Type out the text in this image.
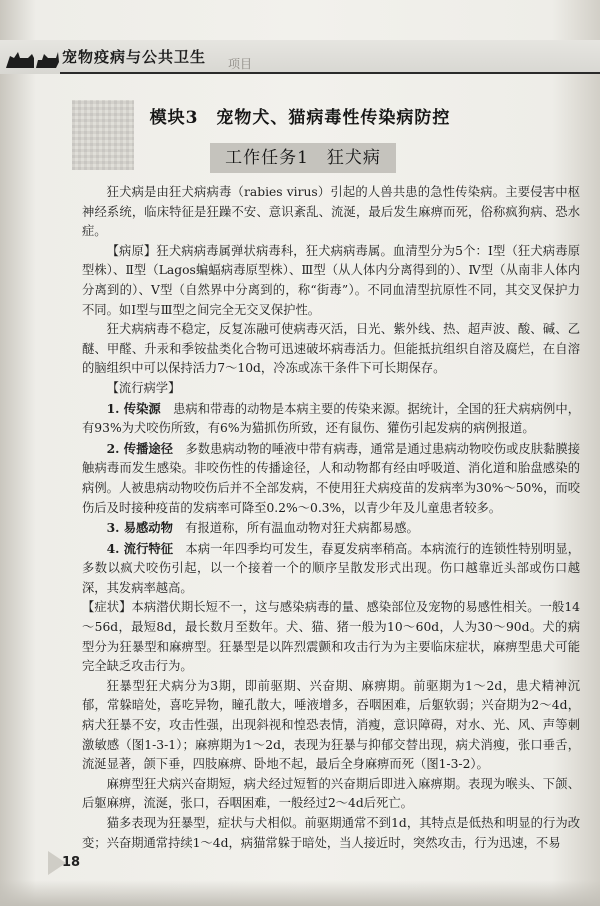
宠物疫病与公共卫生 项目
模块3　宠物犬、猫病毒性传染病防控
工作任务1　狂犬病

狂犬病是由狂犬病病毒（rabies virus）引起的人兽共患的急性传染病。主要侵害中枢神经系统，临床特征是狂躁不安、意识紊乱、流涎，最后发生麻痹而死，俗称疯狗病、恐水症。

【病原】狂犬病病毒属弹状病毒科，狂犬病病毒属。血清型分为5个：Ⅰ型（狂犬病毒原型株）、Ⅱ型（Lagos蝙蝠病毒原型株）、Ⅲ型（从人体内分离得到的）、Ⅳ型（从南非人体内分离到的）、Ⅴ型（自然界中分离到的，称“街毒”）。不同血清型抗原性不同，其交叉保护力不同。如Ⅰ型与Ⅲ型之间完全无交叉保护性。

狂犬病病毒不稳定，反复冻融可使病毒灭活，日光、紫外线、热、超声波、酸、碱、乙醚、甲醛、升汞和季铵盐类化合物可迅速破坏病毒活力。但能抵抗组织自溶及腐烂，在自溶的脑组织中可以保持活力7～10d，冷冻或冻干条件下可长期保存。

【流行病学】

1. 传染源　患病和带毒的动物是本病主要的传染来源。据统计，全国的狂犬病病例中，有93%为犬咬伤所致，有6%为猫抓伤所致，还有鼠伤、獾伤引起发病的病例报道。

2. 传播途径　多数患病动物的唾液中带有病毒，通常是通过患病动物咬伤或皮肤黏膜接触病毒而发生感染。非咬伤性的传播途径，人和动物都有经由呼吸道、消化道和胎盘感染的病例。人被患病动物咬伤后并不全部发病，不使用狂犬病疫苗的发病率为30%～50%，而咬伤后及时接种疫苗的发病率可降至0.2%～0.3%，以青少年及儿童患者较多。

3. 易感动物　有报道称，所有温血动物对狂犬病都易感。

4. 流行特征　本病一年四季均可发生，春夏发病率稍高。本病流行的连锁性特别明显，多数以疯犬咬伤引起，以一个接着一个的顺序呈散发形式出现。伤口越靠近头部或伤口越深，其发病率越高。

【症状】本病潜伏期长短不一，这与感染病毒的量、感染部位及宠物的易感性相关。一般14～56d，最短8d，最长数月至数年。犬、猫、猪一般为10～60d，人为30～90d。犬的病型分为狂暴型和麻痹型。狂暴型是以阵烈震颤和攻击行为为主要临床症状，麻痹型患犬可能完全缺乏攻击行为。

狂暴型狂犬病分为3期，即前驱期、兴奋期、麻痹期。前驱期为1～2d，患犬精神沉郁，常躲暗处，喜吃异物，瞳孔散大，唾液增多，吞咽困难，后躯软弱；兴奋期为2～4d，病犬狂暴不安，攻击性强，出现斜视和惶恐表情，消瘦，意识障碍，对水、光、风、声等刺激敏感（图1-3-1）；麻痹期为1～2d，表现为狂暴与抑郁交替出现，病犬消瘦，张口垂舌，流涎显著，颌下垂，四肢麻痹、卧地不起，最后全身麻痹而死（图1-3-2）。

麻痹型狂犬病兴奋期短，病犬经过短暂的兴奋期后即进入麻痹期。表现为喉头、下颌、后躯麻痹，流涎，张口，吞咽困难，一般经过2～4d后死亡。

猫多表现为狂暴型，症状与犬相似。前驱期通常不到1d，其特点是低热和明显的行为改变；兴奋期通常持续1～4d，病猫常躲于暗处，当人接近时，突然攻击，行为迅速，不易

18
